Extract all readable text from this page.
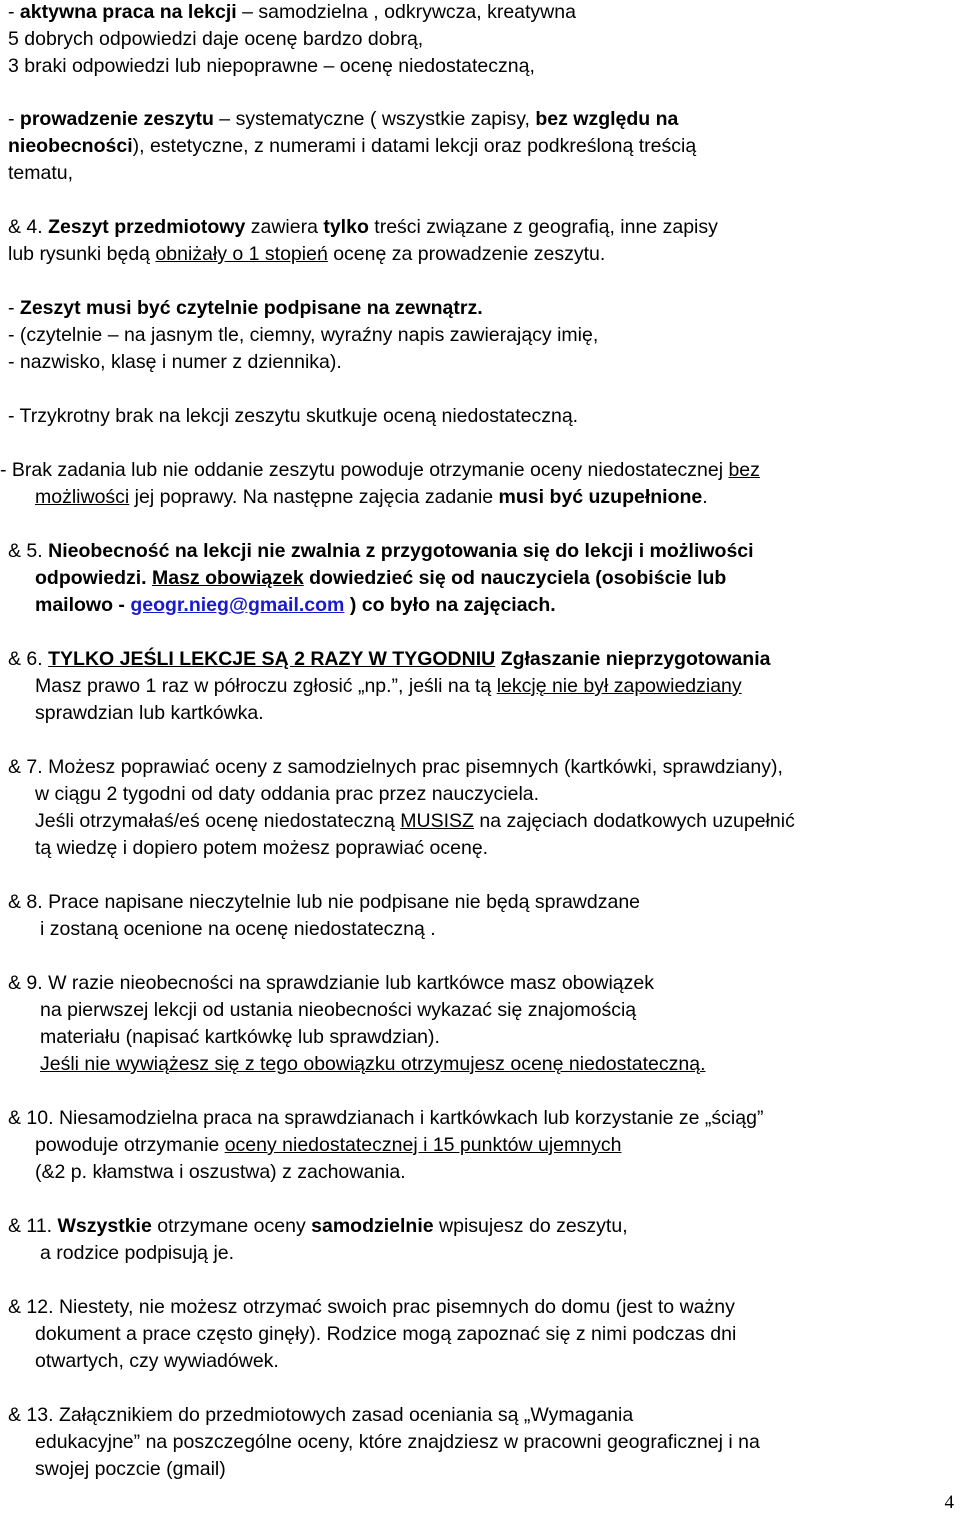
- aktywna praca na lekcji – samodzielna , odkrywcza, kreatywna
5 dobrych odpowiedzi daje ocenę bardzo dobrą,
3 braki odpowiedzi lub niepoprawne – ocenę niedostateczną,
- prowadzenie zeszytu – systematyczne ( wszystkie zapisy, bez względu na
nieobecności), estetyczne, z numerami i datami lekcji oraz podkreśloną treścią
tematu,
& 4. Zeszyt przedmiotowy zawiera tylko treści związane z geografią, inne zapisy
lub rysunki będą obniżały o 1 stopień ocenę za prowadzenie zeszytu.
- Zeszyt musi być czytelnie podpisane na zewnątrz.
- (czytelnie – na jasnym tle, ciemny, wyraźny napis zawierający imię,
- nazwisko, klasę i numer z dziennika).
- Trzykrotny brak na lekcji zeszytu skutkuje oceną niedostateczną.
- Brak zadania lub nie oddanie zeszytu powoduje otrzymanie oceny niedostatecznej bez
możliwości jej poprawy. Na następne zajęcia zadanie musi być uzupełnione.
& 5. Nieobecność na lekcji nie zwalnia z przygotowania się do lekcji i możliwości
odpowiedzi. Masz obowiązek dowiedzieć się od nauczyciela (osobiście lub
mailowo - geogr.nieg@gmail.com ) co było na zajęciach.
& 6. TYLKO JEŚLI LEKCJE SĄ 2 RAZY W TYGODNIU Zgłaszanie nieprzygotowania
Masz prawo 1 raz w półroczu zgłosić „np.”, jeśli na tą lekcję nie był zapowiedziany
sprawdzian lub kartkówka.
& 7. Możesz poprawiać oceny z samodzielnych prac pisemnych (kartkówki, sprawdziany),
w ciągu 2 tygodni od daty oddania prac przez nauczyciela.
Jeśli otrzymałaś/eś ocenę niedostateczną MUSISZ na zajęciach dodatkowych uzupełnić
tą wiedzę i dopiero potem możesz poprawiać ocenę.
& 8. Prace napisane nieczytelnie lub nie podpisane nie będą sprawdzane
i zostaną ocenione na ocenę niedostateczną .
& 9. W razie nieobecności na sprawdzianie lub kartkówce masz obowiązek
na pierwszej lekcji od ustania nieobecności wykazać się znajomością
materiału (napisać kartkówkę lub sprawdzian).
Jeśli nie wywiążesz się z tego obowiązku otrzymujesz ocenę niedostateczną.
& 10. Niesamodzielna praca na sprawdzianach i kartkówkach lub korzystanie ze „ściąg”
powoduje otrzymanie oceny niedostatecznej i 15 punktów ujemnych
(&2 p. kłamstwa i oszustwa) z zachowania.
& 11. Wszystkie otrzymane oceny samodzielnie wpisujesz do zeszytu,
a rodzice podpisują je.
& 12. Niestety, nie możesz otrzymać swoich prac pisemnych do domu (jest to ważny
dokument a prace często ginęły). Rodzice mogą zapoznać się z nimi podczas dni
otwartych, czy wywiadówek.
& 13. Załącznikiem do przedmiotowych zasad oceniania są „Wymagania
edukacyjne” na poszczególne oceny, które znajdziesz w pracowni geograficznej i na
swojej poczcie (gmail)
4
